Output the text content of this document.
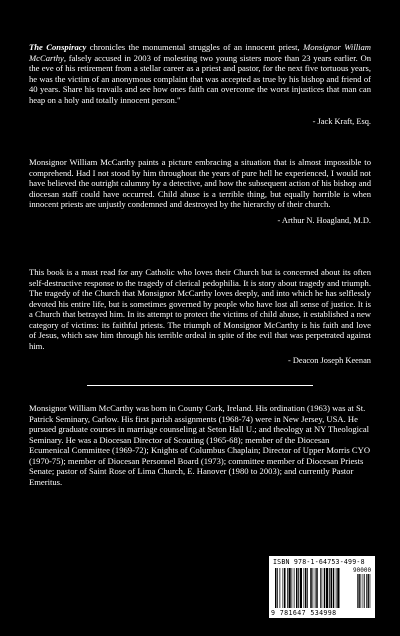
The Conspiracy chronicles the monumental struggles of an innocent priest, Monsignor William McCarthy, falsely accused in 2003 of molesting two young sisters more than 23 years earlier. On the eve of his retirement from a stellar career as a priest and pastor, for the next five tortuous years, he was the victim of an anonymous complaint that was accepted as true by his bishop and friend of 40 years. Share his travails and see how ones faith can overcome the worst injustices that man can heap on a holy and totally innocent person."

- Jack Kraft, Esq.

Monsignor William McCarthy paints a picture embracing a situation that is almost impossible to comprehend. Had I not stood by him throughout the years of pure hell he experienced, I would not have believed the outright calumny by a detective, and how the subsequent action of his bishop and diocesan staff could have occurred. Child abuse is a terrible thing, but equally horrible is when innocent priests are unjustly condemned and destroyed by the hierarchy of their church.

- Arthur N. Hoagland, M.D.

This book is a must read for any Catholic who loves their Church but is concerned about its often self-destructive response to the tragedy of clerical pedophilia. It is story about tragedy and triumph. The tragedy of the Church that Monsignor McCarthy loves deeply, and into which he has selflessly devoted his entire life, but is sometimes governed by people who have lost all sense of justice. It is a Church that betrayed him. In its attempt to protect the victims of child abuse, it established a new category of victims: its faithful priests. The triumph of Monsignor McCarthy is his faith and love of Jesus, which saw him through his terrible ordeal in spite of the evil that was perpetrated against him.

- Deacon Joseph Keenan

Monsignor William McCarthy was born in County Cork, Ireland. His ordination (1963) was at St. Patrick Seminary, Carlow. His first parish assignments (1968-74) were in New Jersey, USA. He pursued graduate courses in marriage counseling at Seton Hall U.; and theology at NY Theological Seminary. He was a Diocesan Director of Scouting (1965-68); member of the Diocesan Ecumenical Committee (1969-72); Knights of Columbus Chaplain; Director of Upper Morris CYO (1970-75); member of Diocesan Personnel Board (1973); committee member of Diocesan Priests Senate; pastor of Saint Rose of Lima Church, E. Hanover (1980 to 2003); and currently Pastor Emeritus.

ISBN 978-1-64753-499-8
90000
9 781647 534998
